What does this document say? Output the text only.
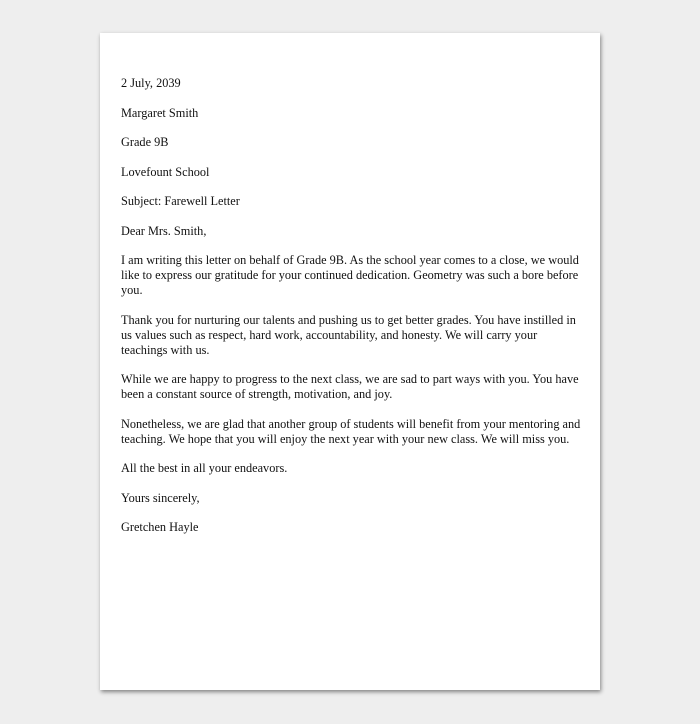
2 July, 2039
Margaret Smith
Grade 9B
Lovefount School
Subject: Farewell Letter
Dear Mrs. Smith,

I am writing this letter on behalf of Grade 9B. As the school year comes to a close, we would like to express our gratitude for your continued dedication. Geometry was such a bore before you.

Thank you for nurturing our talents and pushing us to get better grades. You have instilled in us values such as respect, hard work, accountability, and honesty. We will carry your teachings with us.

While we are happy to progress to the next class, we are sad to part ways with you. You have been a constant source of strength, motivation, and joy.

Nonetheless, we are glad that another group of students will benefit from your mentoring and teaching. We hope that you will enjoy the next year with your new class. We will miss you.

All the best in all your endeavors.
Yours sincerely,
Gretchen Hayle
